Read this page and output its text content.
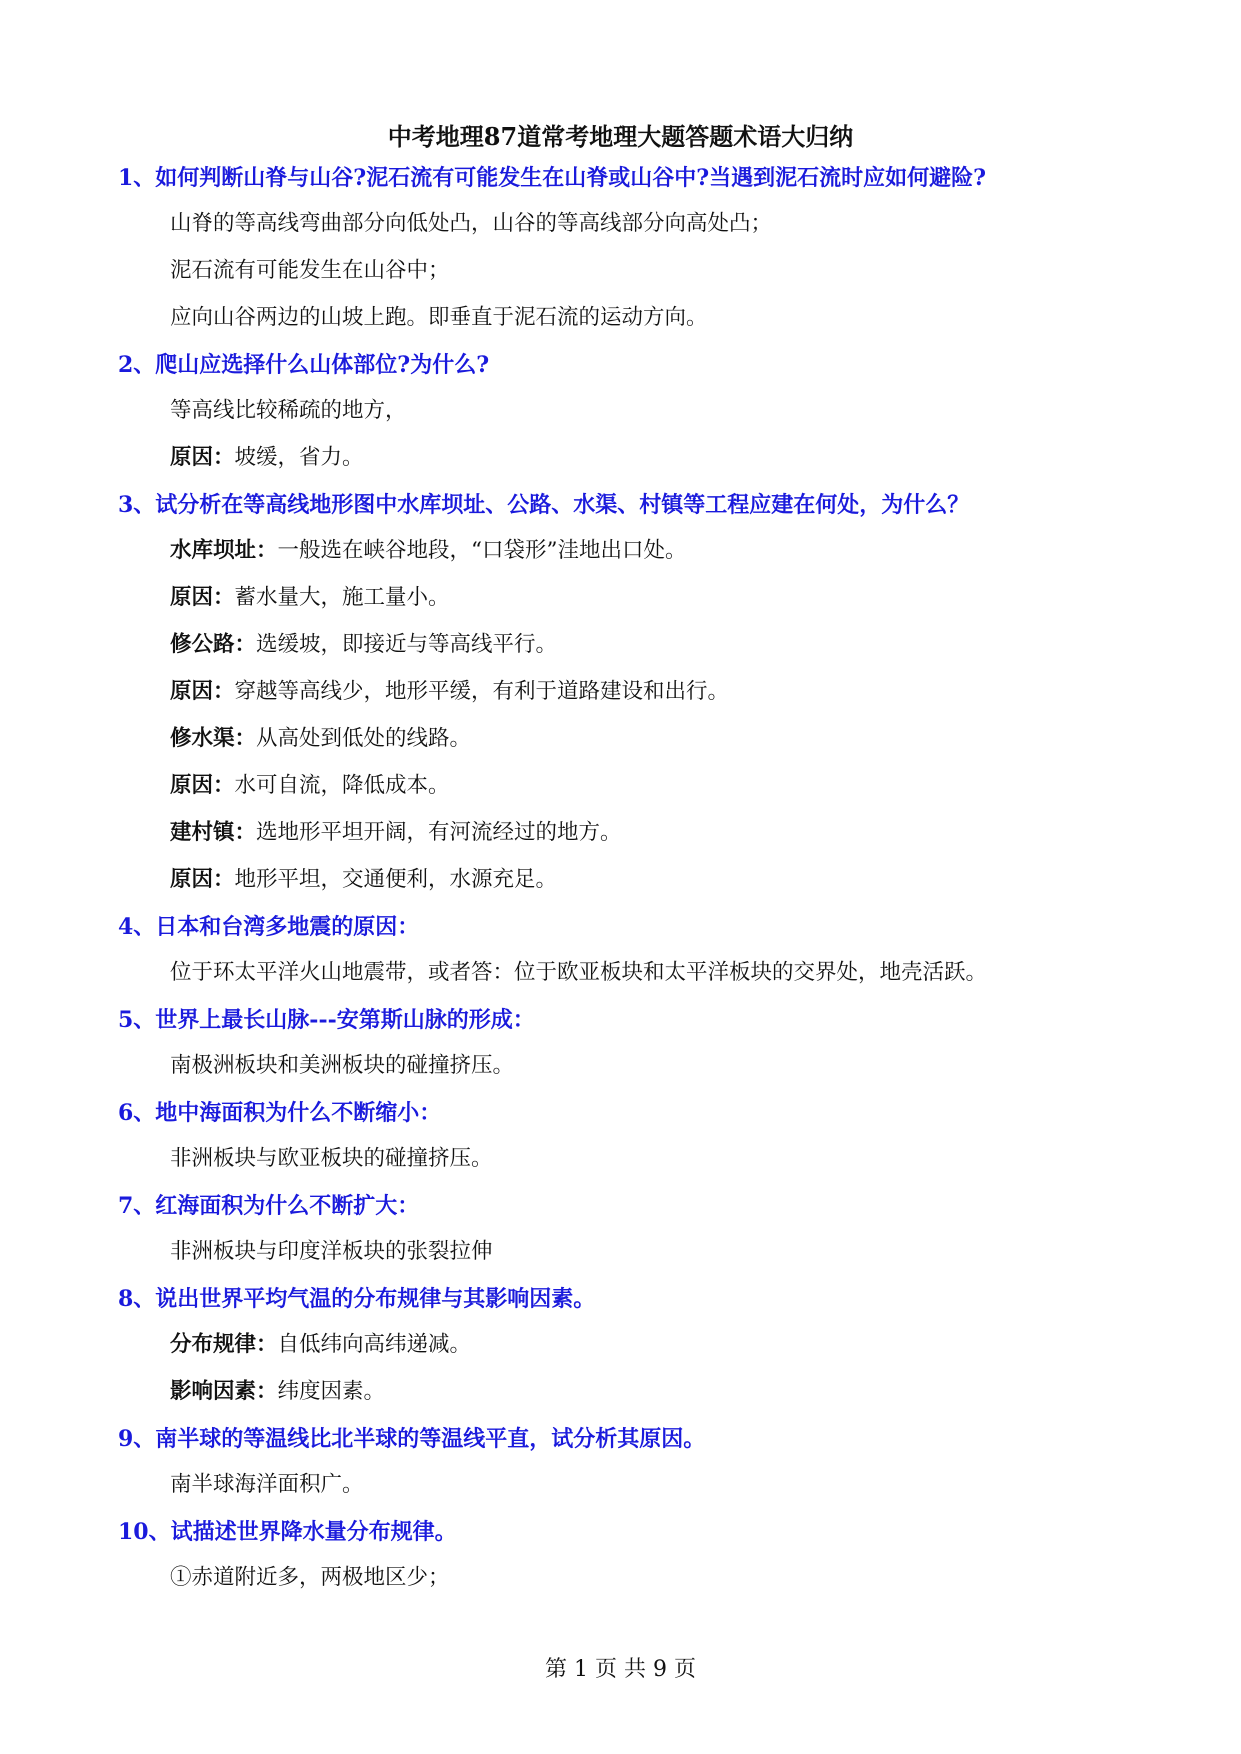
中考地理87道常考地理大题答题术语大归纳
1、如何判断山脊与山谷?泥石流有可能发生在山脊或山谷中?当遇到泥石流时应如何避险?
山脊的等高线弯曲部分向低处凸，山谷的等高线部分向高处凸；
泥石流有可能发生在山谷中；
应向山谷两边的山坡上跑。即垂直于泥石流的运动方向。
2、爬山应选择什么山体部位?为什么?
等高线比较稀疏的地方，
原因：坡缓，省力。
3、试分析在等高线地形图中水库坝址、公路、水渠、村镇等工程应建在何处，为什么？
水库坝址：一般选在峡谷地段，“口袋形”洼地出口处。
原因：蓄水量大，施工量小。
修公路：选缓坡，即接近与等高线平行。
原因：穿越等高线少，地形平缓，有利于道路建设和出行。
修水渠：从高处到低处的线路。
原因：水可自流，降低成本。
建村镇：选地形平坦开阔，有河流经过的地方。
原因：地形平坦，交通便利，水源充足。
4、日本和台湾多地震的原因：
位于环太平洋火山地震带，或者答：位于欧亚板块和太平洋板块的交界处，地壳活跃。
5、世界上最长山脉---安第斯山脉的形成：
南极洲板块和美洲板块的碰撞挤压。
6、地中海面积为什么不断缩小：
非洲板块与欧亚板块的碰撞挤压。
7、红海面积为什么不断扩大：
非洲板块与印度洋板块的张裂拉伸
8、说出世界平均气温的分布规律与其影响因素。
分布规律：自低纬向高纬递减。
影响因素：纬度因素。
9、南半球的等温线比北半球的等温线平直，试分析其原因。
南半球海洋面积广。
10、试描述世界降水量分布规律。
①赤道附近多，两极地区少；
第 1 页 共 9 页
